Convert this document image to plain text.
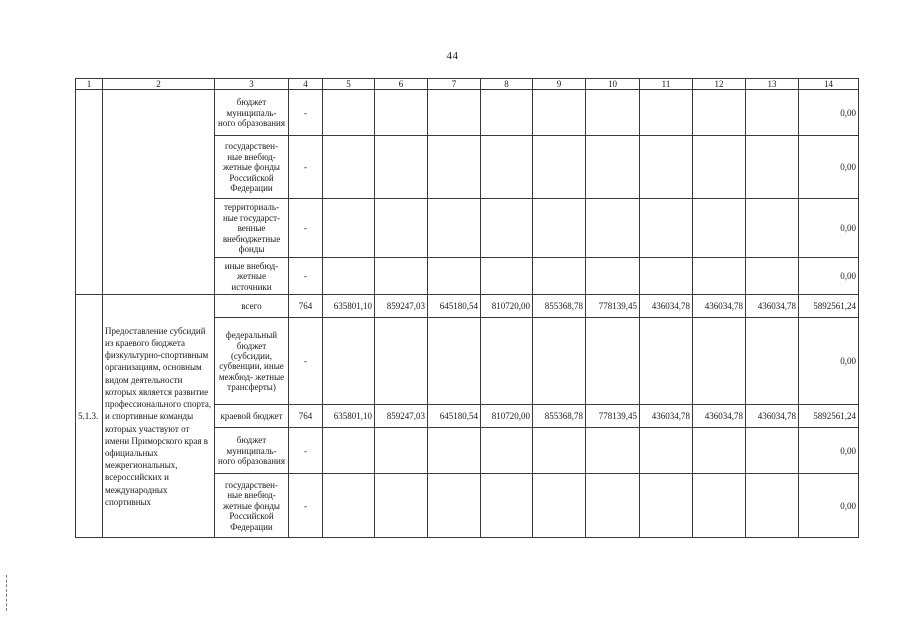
44
1	2	3	4	5	6	7	8	9	10	11	12	13	14
		бюджет муниципаль- ного образования	-										0,00
		государствен- ные внебюд- жетные фонды Российской Федерации	-										0,00
		территориаль- ные государст- венные внебюджетные фонды	-										0,00
		иные внебюд- жетные источники	-										0,00
5.1.3.	Предоставление субсидий из краевого бюджета физкультурно-спортивным организациям, основным видом деятельности которых является развитие профессионального спорта, и спортивные команды которых участвуют от имени Приморского края в официальных межрегиональных, всероссийских и международных спортивных	всего	764	635801,10	859247,03	645180,54	810720,00	855368,78	778139,45	436034,78	436034,78	436034,78	5892561,24
		федеральный бюджет (субсидии, субвенции, иные межбюд- жетные трансферты)	-										0,00
		краевой бюджет	764	635801,10	859247,03	645180,54	810720,00	855368,78	778139,45	436034,78	436034,78	436034,78	5892561,24
		бюджет муниципаль- ного образования	-										0,00
		государствен- ные внебюд- жетные фонды Российской Федерации	-										0,00
